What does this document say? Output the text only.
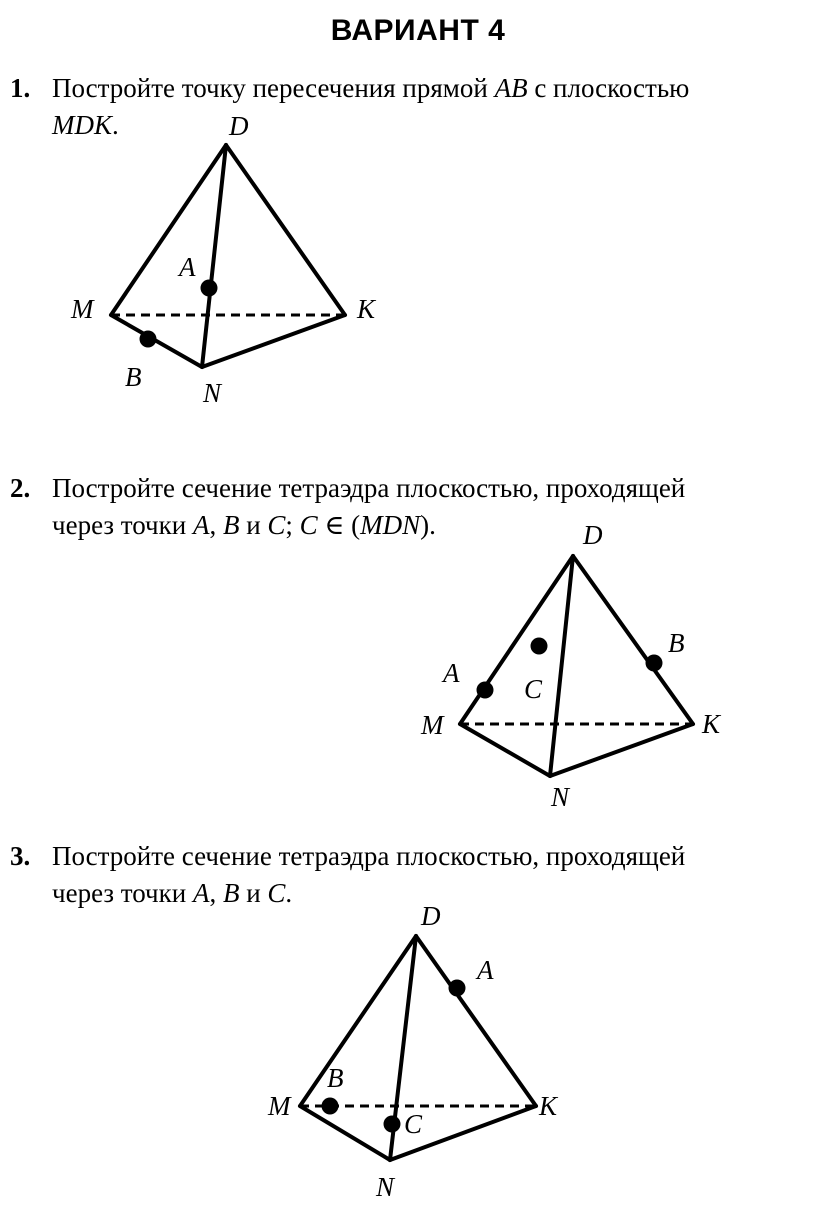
ВАРИАНТ 4
1. Постройте точку пересечения прямой AB с плоскостью
MDK.	D
M	K
N
A
B
2. Постройте сечение тетраэдра плоскостью, проходящей
через точки A, B и C; C ∈ (MDN).	D
M	K
N
A
B
C
3. Постройте сечение тетраэдра плоскостью, проходящей
через точки A, B и C.
D
M	K
N
A
B
C
